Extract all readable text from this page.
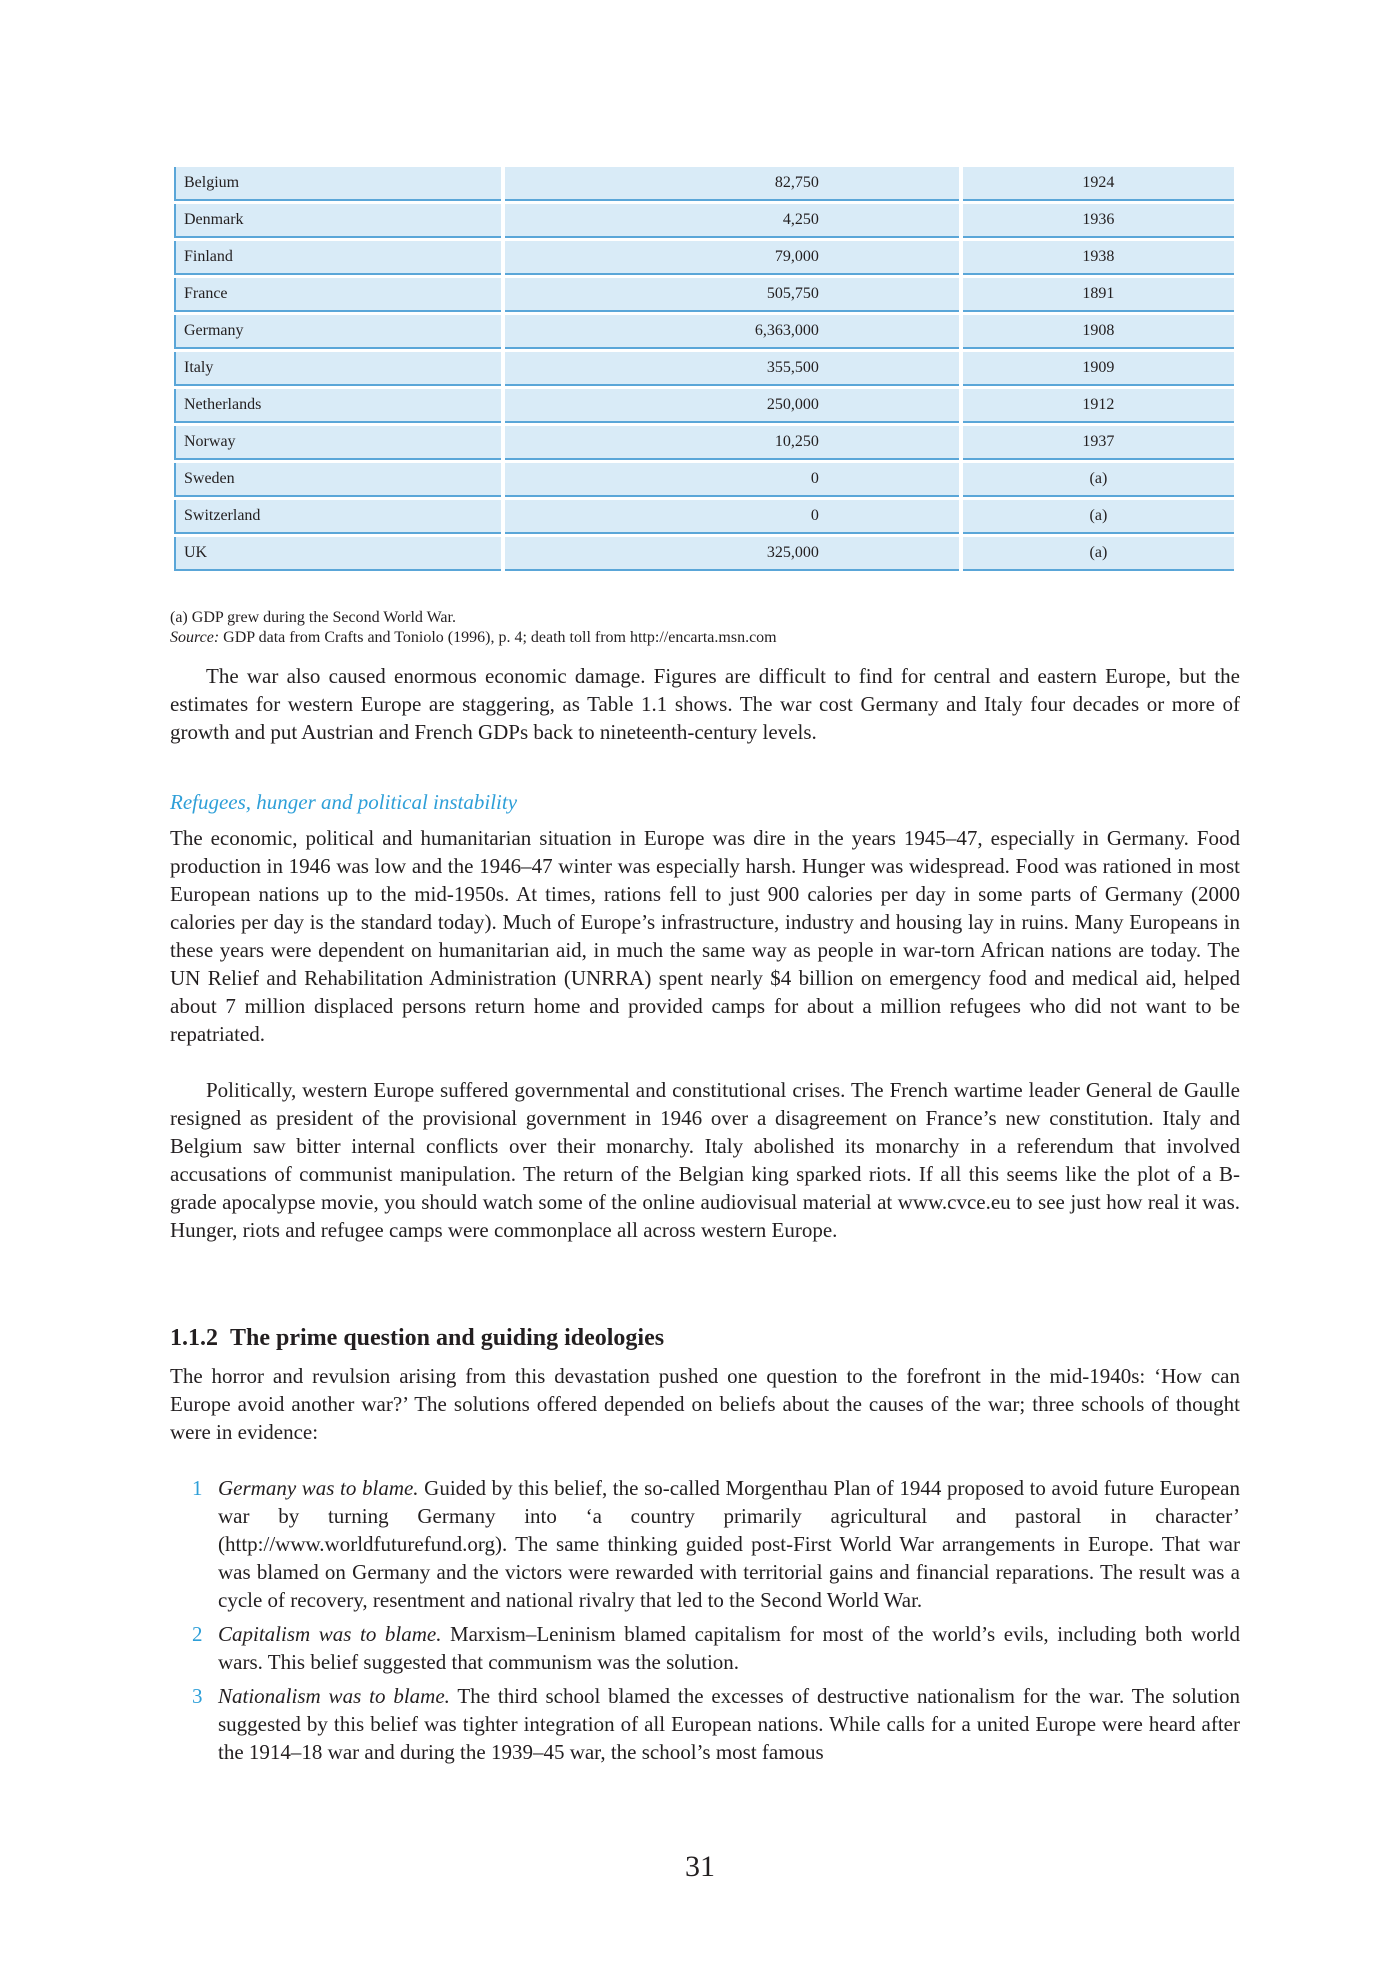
Belgium	82,750	1924
Denmark	4,250	1936
Finland	79,000	1938
France	505,750	1891
Germany	6,363,000	1908
Italy	355,500	1909
Netherlands	250,000	1912
Norway	10,250	1937
Sweden	0	(a)
Switzerland	0	(a)
UK	325,000	(a)
(a) GDP grew during the Second World War.
Source: GDP data from Crafts and Toniolo (1996), p. 4; death toll from http://encarta.msn.com

The war also caused enormous economic damage. Figures are difficult to find for central and eastern Europe, but the estimates for western Europe are staggering, as Table 1.1 shows. The war cost Germany and Italy four decades or more of growth and put Austrian and French GDPs back to nineteenth-century levels.

Refugees, hunger and political instability

The economic, political and humanitarian situation in Europe was dire in the years 1945–47, especially in Germany. Food production in 1946 was low and the 1946–47 winter was especially harsh. Hunger was widespread. Food was rationed in most European nations up to the mid-1950s. At times, rations fell to just 900 calories per day in some parts of Germany (2000 calories per day is the standard today). Much of Europe’s infrastructure, industry and housing lay in ruins. Many Europeans in these years were dependent on humanitarian aid, in much the same way as people in war-torn African nations are today. The UN Relief and Rehabilitation Administration (UNRRA) spent nearly $4 billion on emergency food and medical aid, helped about 7 million displaced persons return home and provided camps for about a million refugees who did not want to be repatriated.

Politically, western Europe suffered governmental and constitutional crises. The French wartime leader General de Gaulle resigned as president of the provisional government in 1946 over a disagreement on France’s new constitution. Italy and Belgium saw bitter internal conflicts over their monarchy. Italy abolished its monarchy in a referendum that involved accusations of communist manipulation. The return of the Belgian king sparked riots. If all this seems like the plot of a B-grade apocalypse movie, you should watch some of the online audiovisual material at www.cvce.eu to see just how real it was. Hunger, riots and refugee camps were commonplace all across western Europe.

1.1.2 The prime question and guiding ideologies

The horror and revulsion arising from this devastation pushed one question to the forefront in the mid-1940s: ‘How can Europe avoid another war?’ The solutions offered depended on beliefs about the causes of the war; three schools of thought were in evidence:

1 Germany was to blame. Guided by this belief, the so-called Morgenthau Plan of 1944 proposed to avoid future European war by turning Germany into ‘a country primarily agricultural and pastoral in character’ (http://www.worldfuturefund.org). The same thinking guided post-First World War arrangements in Europe. That war was blamed on Germany and the victors were rewarded with territorial gains and financial reparations. The result was a cycle of recovery, resentment and national rivalry that led to the Second World War.
2 Capitalism was to blame. Marxism–Leninism blamed capitalism for most of the world’s evils, including both world wars. This belief suggested that communism was the solution.
3 Nationalism was to blame. The third school blamed the excesses of destructive nationalism for the war. The solution suggested by this belief was tighter integration of all European nations. While calls for a united Europe were heard after the 1914–18 war and during the 1939–45 war, the school’s most famous
31
